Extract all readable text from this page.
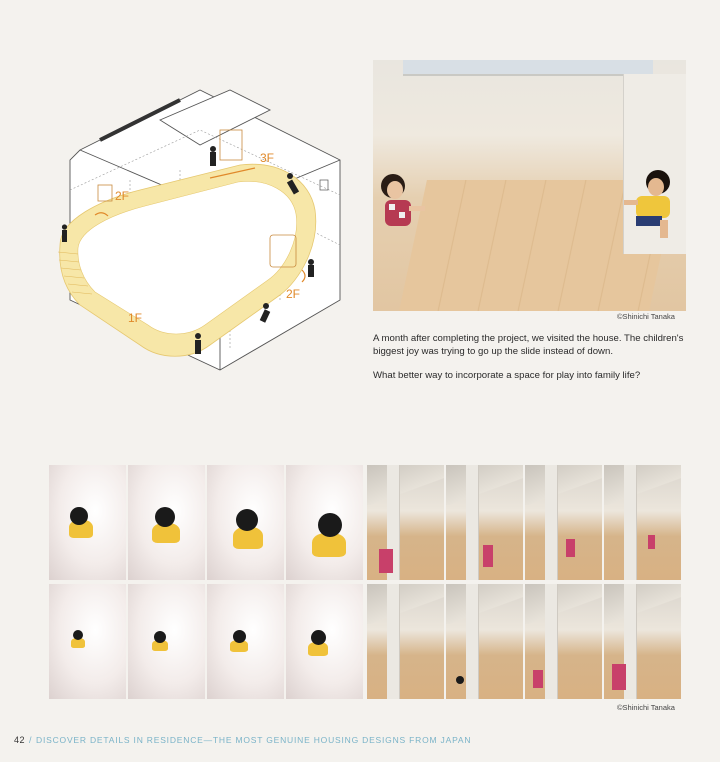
3F
2F
2F
1F	©Shinichi Tanaka

A month after completing the project, we visited the house. The children's biggest joy was trying to go up the slide instead of down.

What better way to incorporate a space for play into family life?

©Shinichi Tanaka
42 / DISCOVER DETAILS IN RESIDENCE—THE MOST GENUINE HOUSING DESIGNS FROM JAPAN
